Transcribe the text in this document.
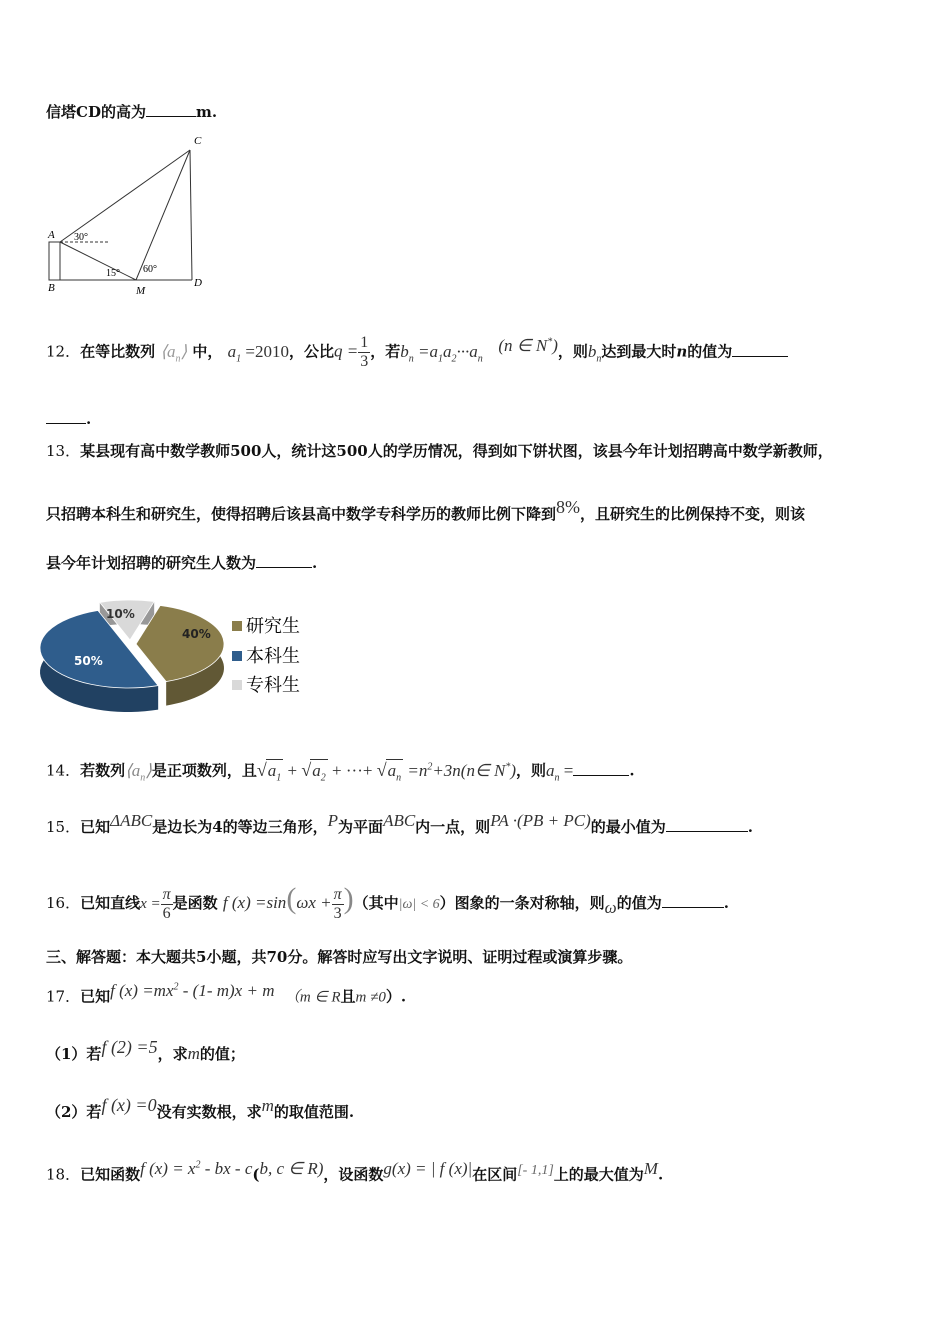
信塔CD的高为	m.
C
A
B	M
D
30°
15° 60°
12．在等比数列 $⟨a_n⟩$ 中， $a_1 =2010$，公比$q = \frac{1}{3}$ ，若$b_n =a_1a_2\cdot\cdot\cdot a_n$   (n ∈ N*)，则$b_n$达到最大时n的值为
.
13．某县现有高中数学教师500人，统计这500人的学历情况，得到如下饼状图，该县今年计划招聘高中数学新教师，
只招聘本科生和研究生，使得招聘后该县高中数学专科学历的教师比例下降到8%，且研究生的比例保持不变，则该
县今年计划招聘的研究生人数为	.
40%
50%
10%
研究生
本科生
专科生
14．若数列$⟨a_n⟩$是正项数列，且$√a_1 + √a_2$ + ···+ $√a_n$ $=n^2+3n(n\in$ N*)，则$a_n$ =	.
15．已知ΔABC是边长为4的等边三角形，P为平面ABC内一点，则PA ·(PB + PC)的最小值为	.
16．已知直线$x = \frac{\pi}{6}$ 是函数 f $(x) =\sin(\omega x + \frac{\pi}{3}$ )（其中|ω| < 6）图象的一条对称轴，则ω的值为	.
三、解答题：本大题共5小题，共70分。解答时应写出文字说明、证明过程或演算步骤。
17．已知f $(x) =mx^2 - (1-$ m)x + m （m ∈ R且m ≠0）.
（1）若f (2) =5，求m的值；
（2）若f (x) =0没有实数根，求m的取值范围.
18．已知函数f $(x) = x^2$ - bx - c(b, c ∈ R)，设函数g(x) = | f (x)|在区间[- 1,1]上的最大值为M.
